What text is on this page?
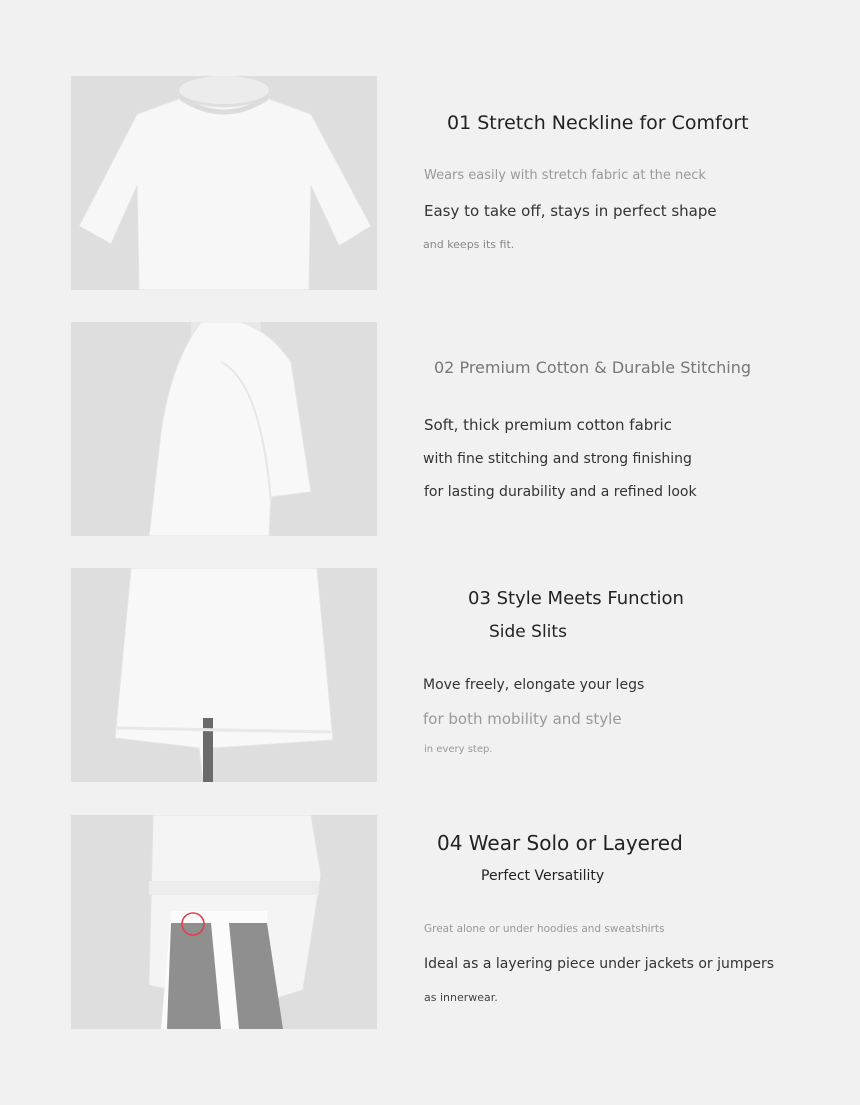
01 Stretch Neckline for Comfort
Wears easily with stretch fabric at the neck
Easy to take off, stays in perfect shape
and keeps its fit.
02 Premium Cotton & Durable Stitching
Soft, thick premium cotton fabric
with fine stitching and strong finishing
for lasting durability and a refined look
03 Style Meets Function
Side Slits
Move freely, elongate your legs
for both mobility and style
in every step.
04 Wear Solo or Layered
Perfect Versatility
Great alone or under hoodies and sweatshirts
Ideal as a layering piece under jackets or jumpers
as innerwear.
